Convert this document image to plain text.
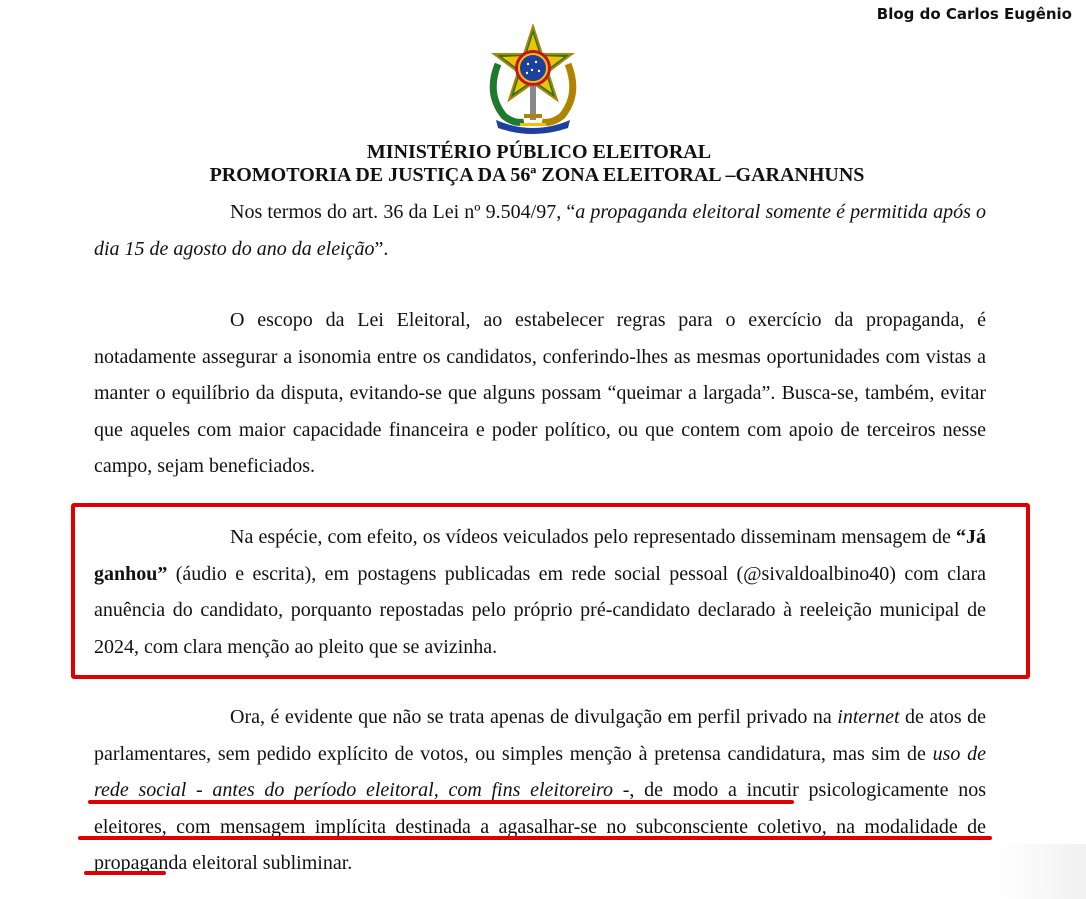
Blog do Carlos Eugênio
MINISTÉRIO PÚBLICO ELEITORAL
PROMOTORIA DE JUSTIÇA DA 56ª ZONA ELEITORAL –GARANHUNS
Nos termos do art. 36 da Lei nº 9.504/97, “a propaganda eleitoral somente é permitida após o dia 15 de agosto do ano da eleição”.
O escopo da Lei Eleitoral, ao estabelecer regras para o exercício da propaganda, é notadamente assegurar a isonomia entre os candidatos, conferindo-lhes as mesmas oportunidades com vistas a manter o equilíbrio da disputa, evitando-se que alguns possam “queimar a largada”. Busca-se, também, evitar que aqueles com maior capacidade financeira e poder político, ou que contem com apoio de terceiros nesse campo, sejam beneficiados.
Na espécie, com efeito, os vídeos veiculados pelo representado disseminam mensagem de “Já ganhou” (áudio e escrita), em postagens publicadas em rede social pessoal (@sivaldoalbino40) com clara anuência do candidato, porquanto repostadas pelo próprio pré-candidato declarado à reeleição municipal de 2024, com clara menção ao pleito que se avizinha.
Ora, é evidente que não se trata apenas de divulgação em perfil privado na internet de atos de parlamentares, sem pedido explícito de votos, ou simples menção à pretensa candidatura, mas sim de uso de rede social - antes do período eleitoral, com fins eleitoreiro -, de modo a incutir psicologicamente nos eleitores, com mensagem implícita destinada a agasalhar-se no subconsciente coletivo, na modalidade de propaganda eleitoral subliminar.
